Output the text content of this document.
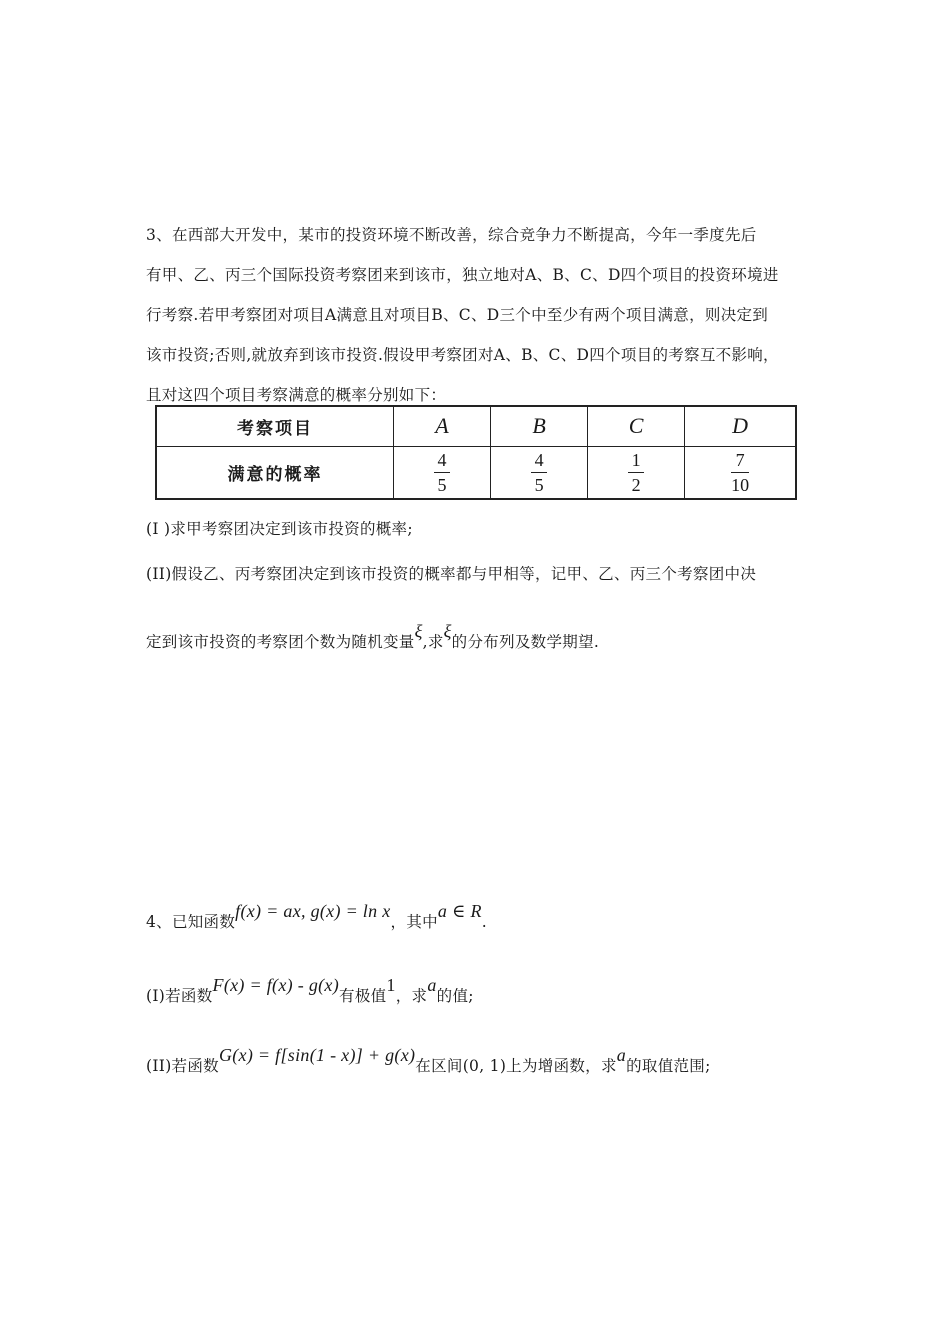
3、在西部大开发中，某市的投资环境不断改善，综合竞争力不断提高，今年一季度先后
有甲、乙、丙三个国际投资考察团来到该市，独立地对A、B、C、D四个项目的投资环境进
行考察.若甲考察团对项目A满意且对项目B、C、D三个中至少有两个项目满意，则决定到
该市投资;否则,就放弃到该市投资.假设甲考察团对A、B、C、D四个项目的考察互不影响，
且对这四个项目考察满意的概率分别如下：
考察项目	A	B	C	D
满意的概率	$\frac{4}{5}$	$\frac{4}{5}$	$\frac{1}{2}$	$\frac{7}{10}$
(I )求甲考察团决定到该市投资的概率;
(II)假设乙、丙考察团决定到该市投资的概率都与甲相等，记甲、乙、丙三个考察团中决
定到该市投资的考察团个数为随机变量ξ,求ξ的分布列及数学期望.
4、已知函数f(x) = ax, g(x) = ln x，其中a ∈ R.
(I)若函数F(x) = f(x) - g(x)有极值1，求a的值;
(II)若函数G(x) = f[sin(1 - x)] + g(x)在区间(0, 1)上为增函数，求a的取值范围;
